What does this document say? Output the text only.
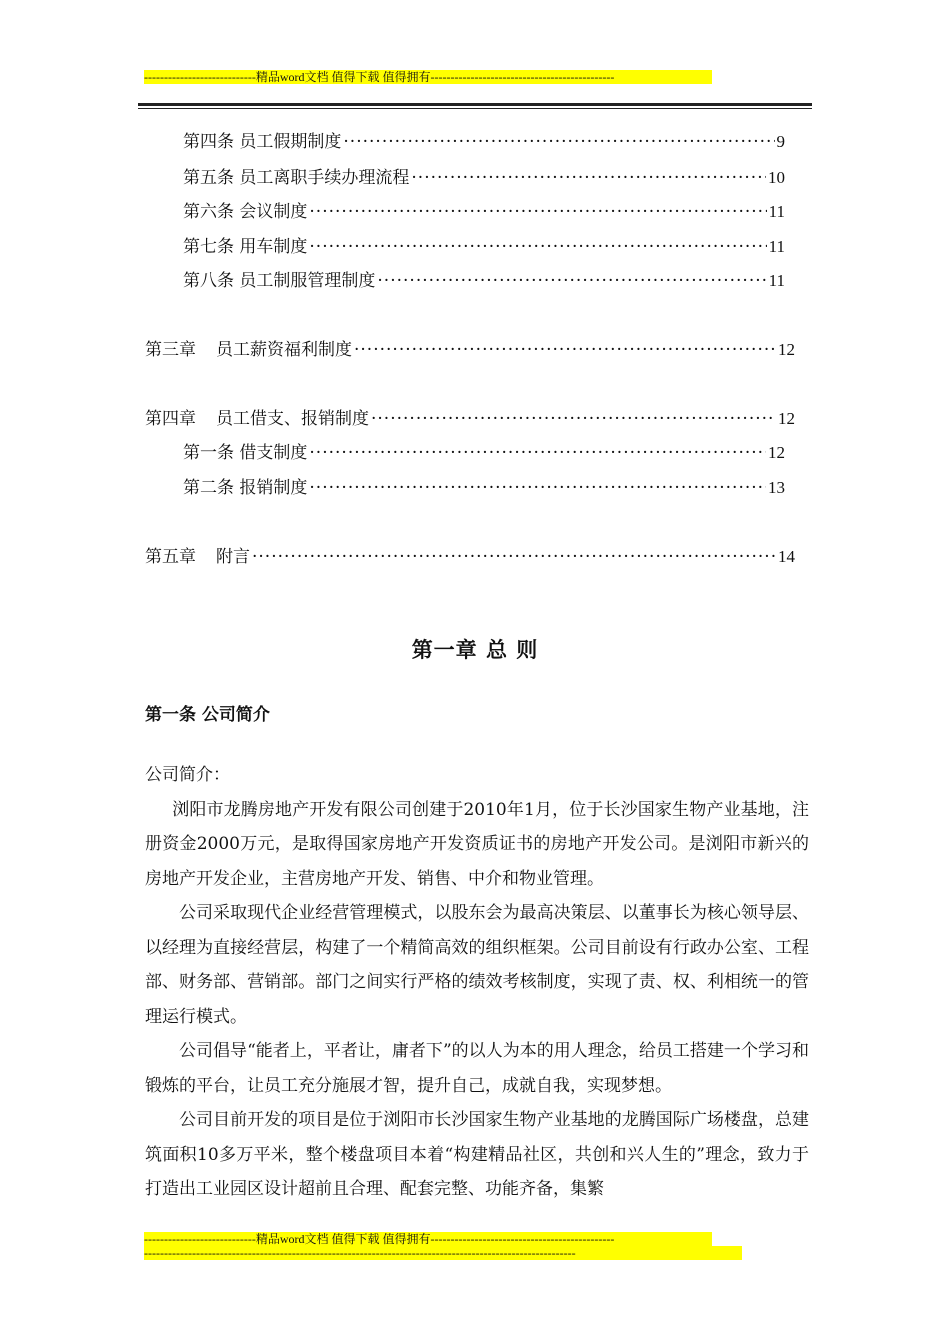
----------------------------精品word文档 值得下载 值得拥有----------------------------------------------
第四条 员工假期制度 ·····	9
第五条 员工离职手续办理流程 ·····	10
第六条 会议制度 ·····	11
第七条 用车制度 ·····	11
第八条 员工制服管理制度 ·····	11
第三章 员工薪资福利制度 ·····	12
第四章 员工借支、报销制度 ·····	12
第一条 借支制度 ·····	12
第二条 报销制度 ·····	13
第五章 附言 ·····	14
第一章 总 则
第一条 公司简介

公司简介：

浏阳市龙腾房地产开发有限公司创建于2010年1月，位于长沙国家生物产业基地，注册资金2000万元，是取得国家房地产开发资质证书的房地产开发公司。是浏阳市新兴的房地产开发企业，主营房地产开发、销售、中介和物业管理。

公司采取现代企业经营管理模式，以股东会为最高决策层、以董事长为核心领导层、以经理为直接经营层，构建了一个精简高效的组织框架。公司目前设有行政办公室、工程部、财务部、营销部。部门之间实行严格的绩效考核制度，实现了责、权、利相统一的管理运行模式。

公司倡导“能者上，平者让，庸者下”的以人为本的用人理念，给员工搭建一个学习和锻炼的平台，让员工充分施展才智，提升自己，成就自我，实现梦想。

公司目前开发的项目是位于浏阳市长沙国家生物产业基地的龙腾国际广场楼盘，总建筑面积10多万平米，整个楼盘项目本着“构建精品社区，共创和兴人生的”理念，致力于打造出工业园区设计超前且合理、配套完整、功能齐备，集繁

----------------------------精品word文档 值得下载 值得拥有----------------------------------------------
------------------------------------------------------------------------------------------------------------
